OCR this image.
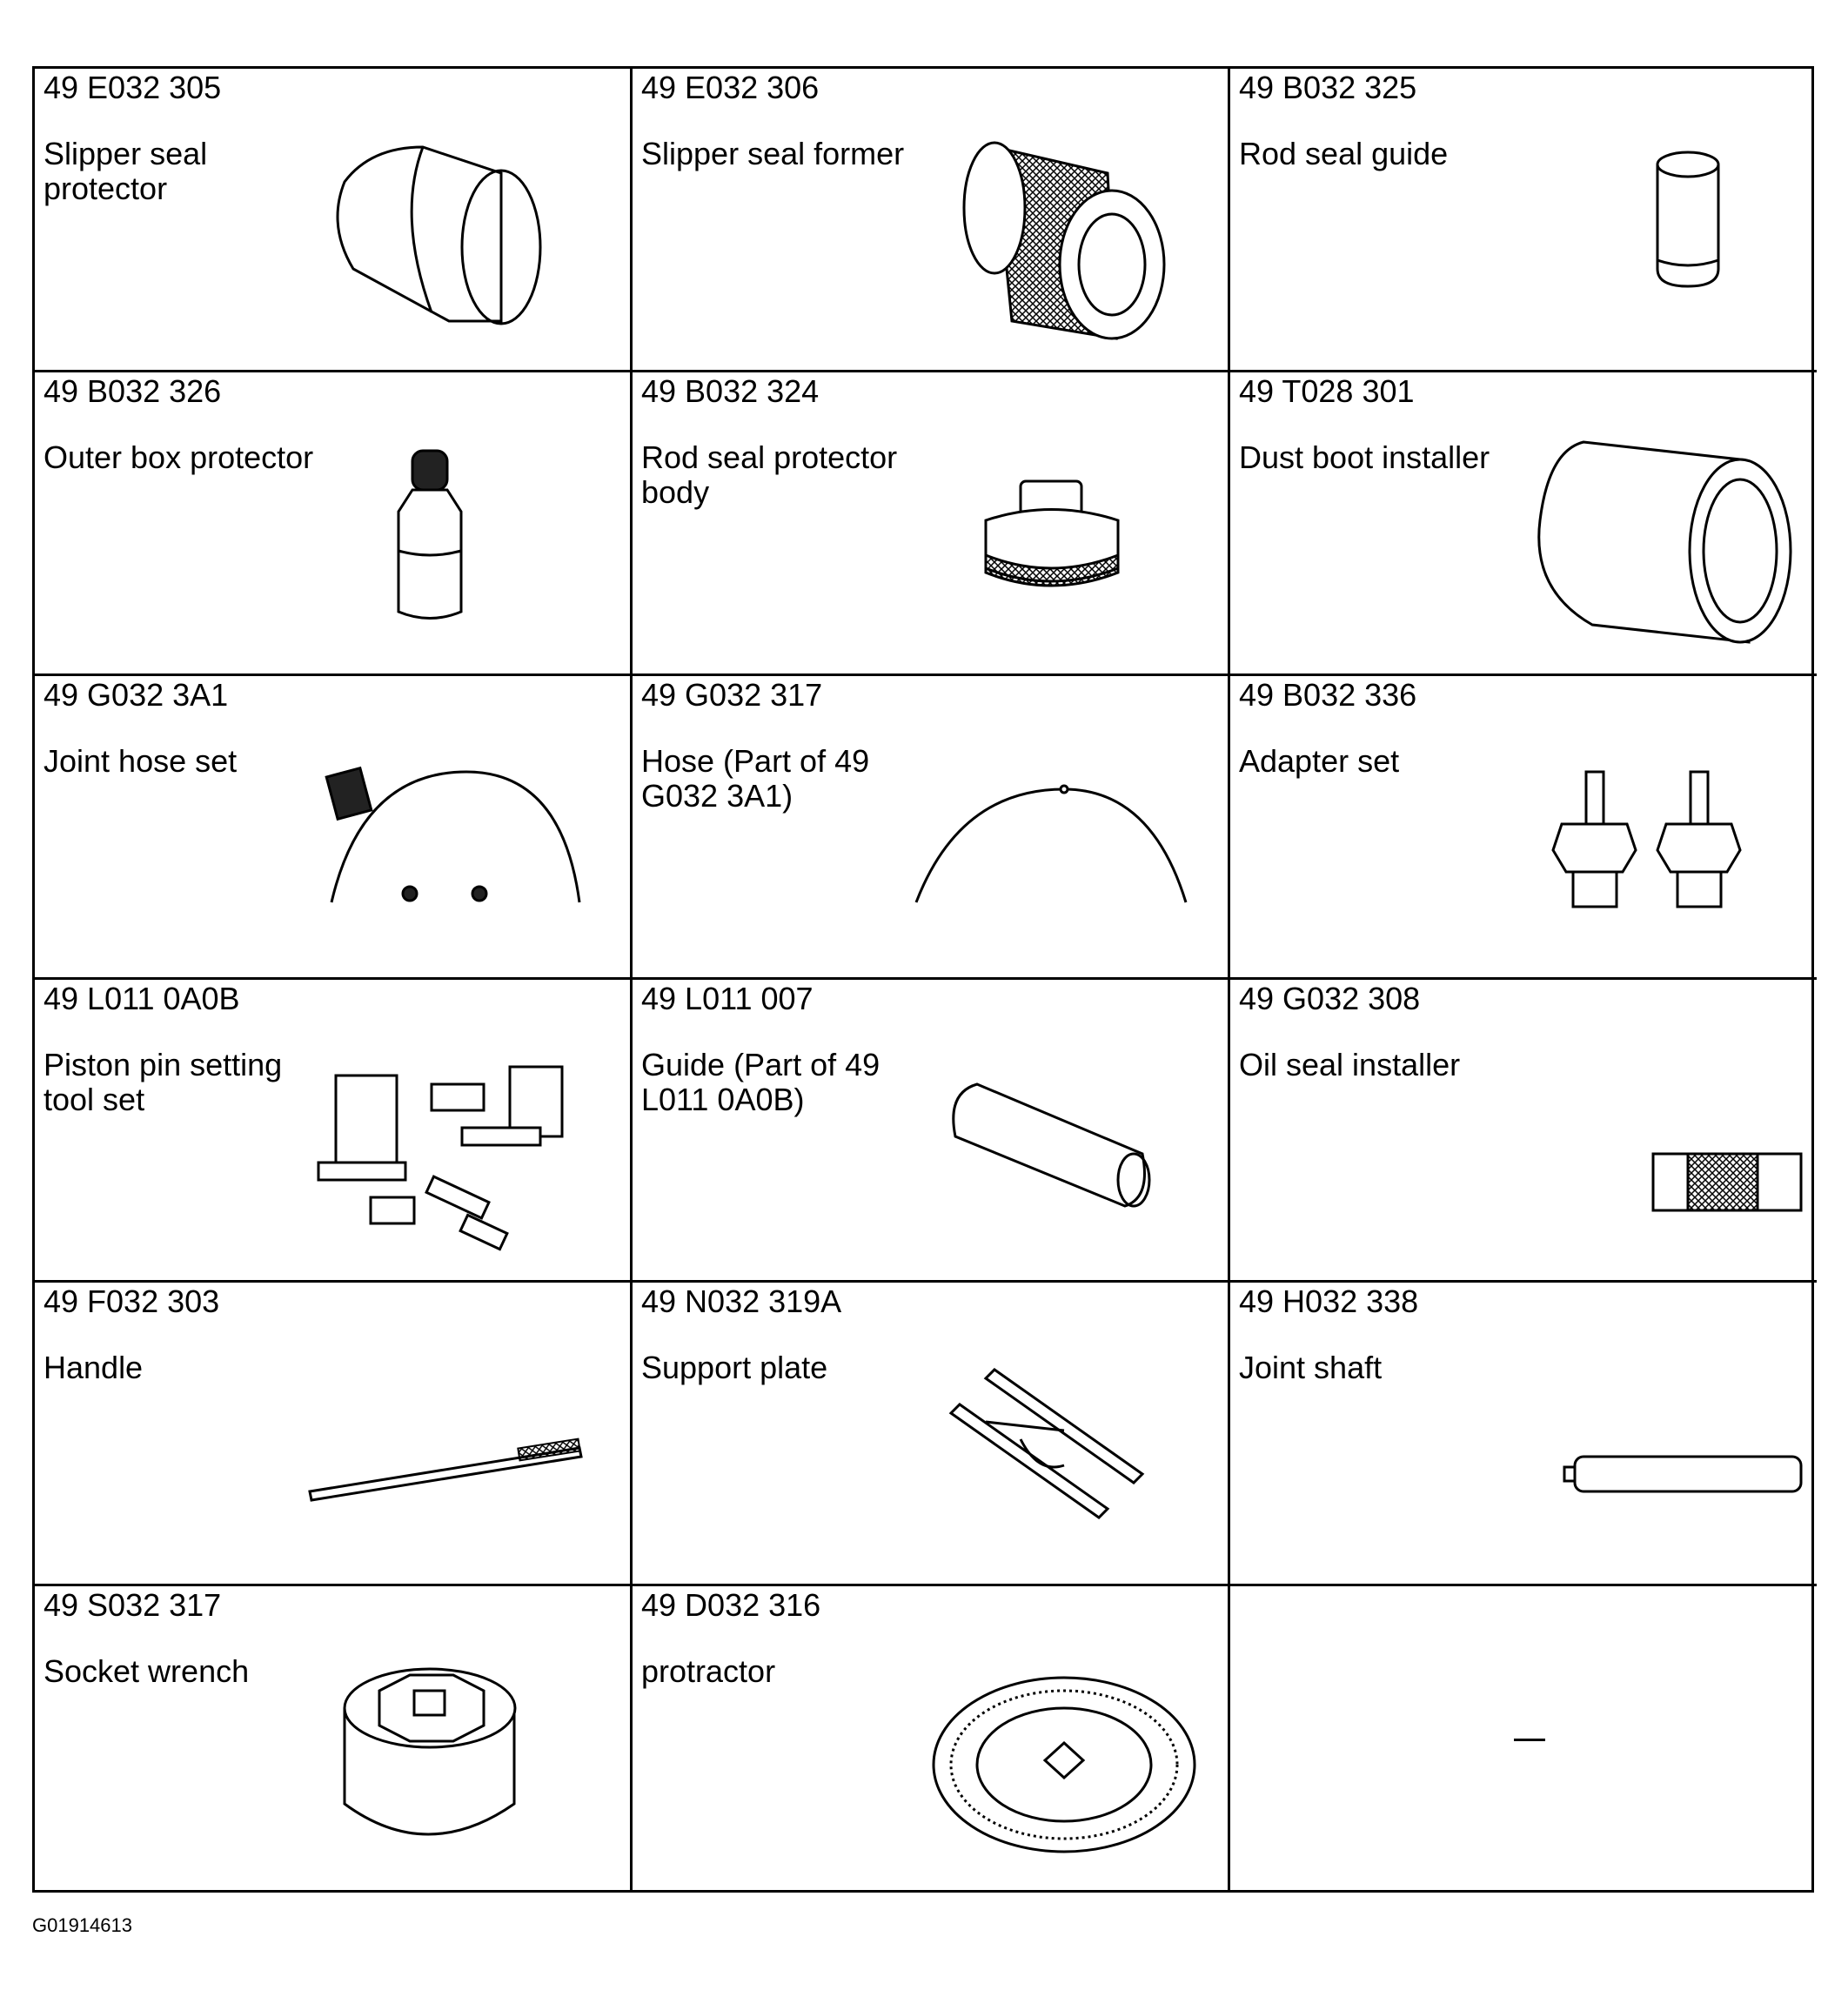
49 E032 305
Slipper seal protector
49 E032 306
Slipper seal former
49 B032 325
Rod seal guide
49 B032 326
Outer box protector
49 B032 324
Rod seal protector body
49 T028 301
Dust boot installer
49 G032 3A1
Joint hose set
49 G032 317
Hose (Part of 49 G032 3A1)
49 B032 336
Adapter set
49 L011 0A0B
Piston pin setting tool set
49 L011 007
Guide (Part of 49 L011 0A0B)
49 G032 308
Oil seal installer
49 F032 303
Handle
49 N032 319A
Support plate
49 H032 338
Joint shaft
49 S032 317
Socket wrench
49 D032 316
protractor
G01914613
